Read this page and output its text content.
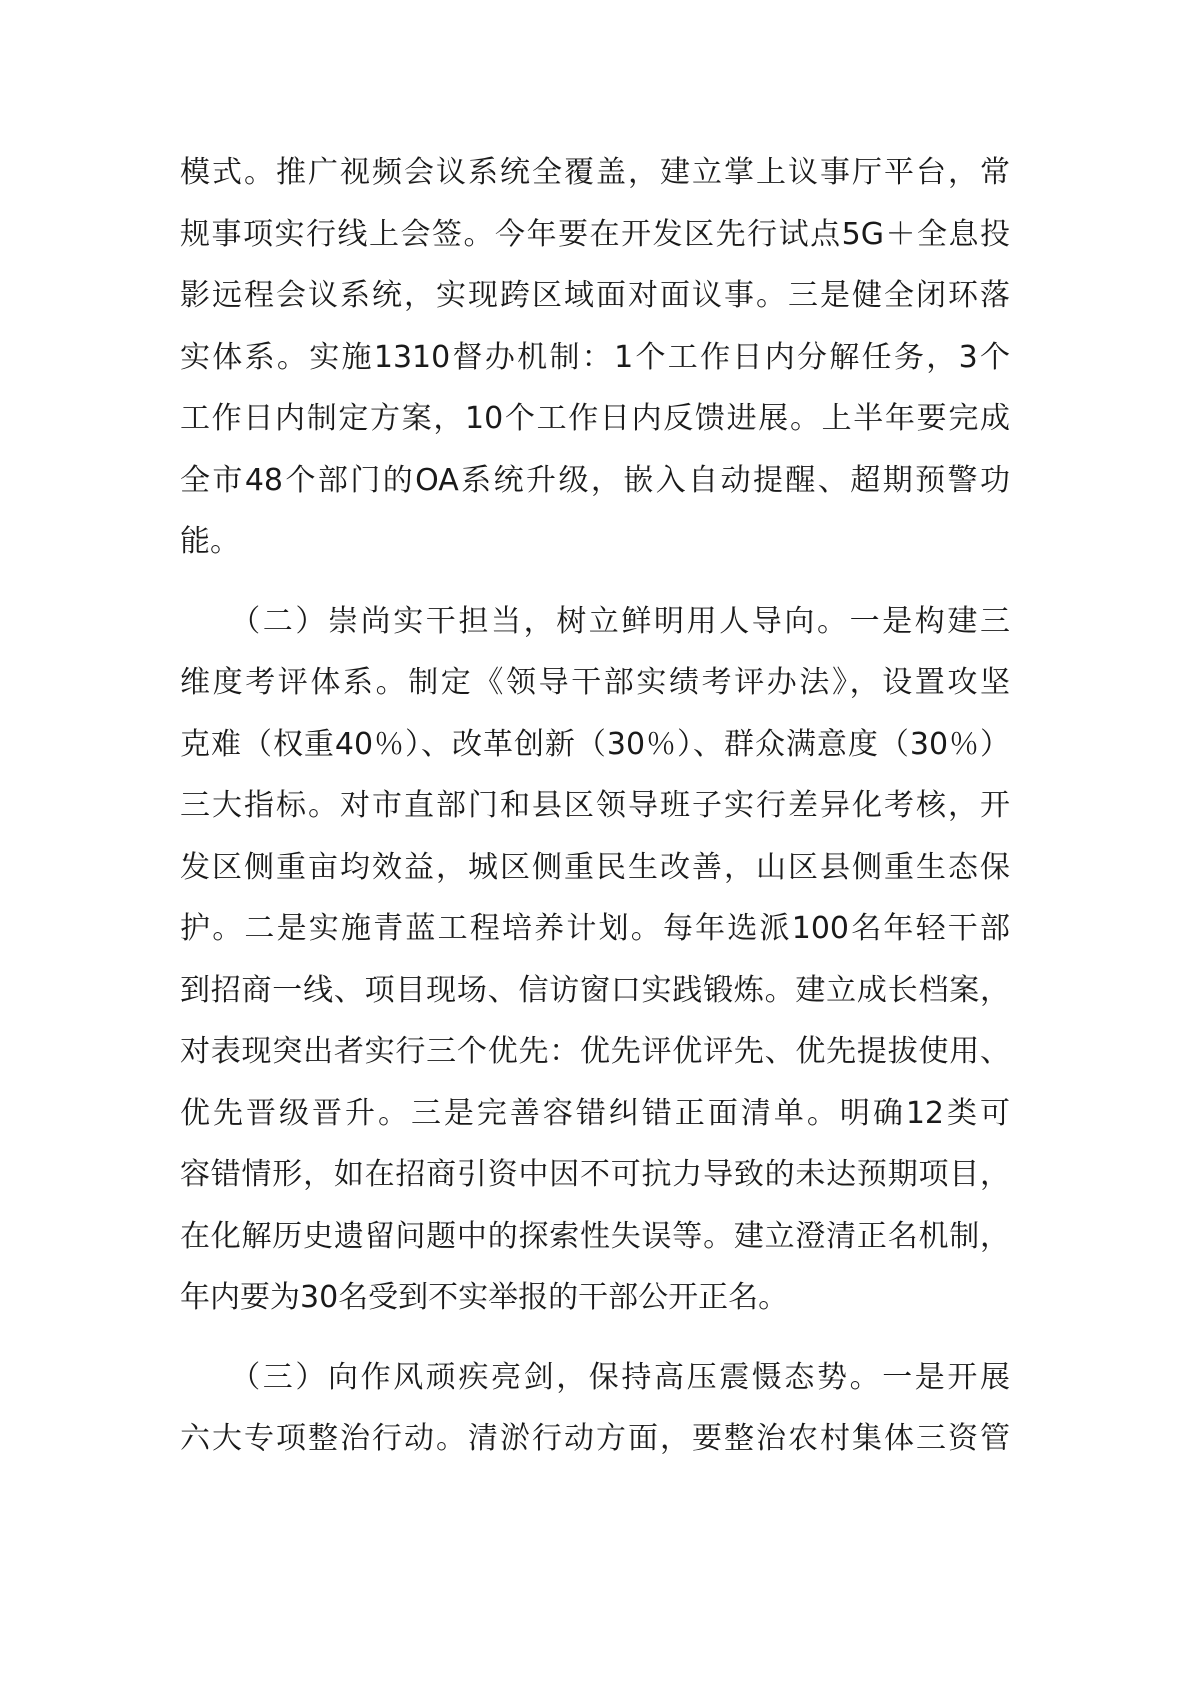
模式。推广视频会议系统全覆盖，建立掌上议事厅平台，常
规事项实行线上会签。今年要在开发区先行试点5G＋全息投
影远程会议系统，实现跨区域面对面议事。三是健全闭环落
实体系。实施1310督办机制：1个工作日内分解任务，3个
工作日内制定方案，10个工作日内反馈进展。上半年要完成
全市48个部门的OA系统升级，嵌入自动提醒、超期预警功
能。
　　（二）崇尚实干担当，树立鲜明用人导向。一是构建三
维度考评体系。制定《领导干部实绩考评办法》，设置攻坚
克难（权重40％）、改革创新（30％）、群众满意度（30％）
三大指标。对市直部门和县区领导班子实行差异化考核，开
发区侧重亩均效益，城区侧重民生改善，山区县侧重生态保
护。二是实施青蓝工程培养计划。每年选派100名年轻干部
到招商一线、项目现场、信访窗口实践锻炼。建立成长档案，
对表现突出者实行三个优先：优先评优评先、优先提拔使用、
优先晋级晋升。三是完善容错纠错正面清单。明确12类可
容错情形，如在招商引资中因不可抗力导致的未达预期项目，
在化解历史遗留问题中的探索性失误等。建立澄清正名机制，
年内要为30名受到不实举报的干部公开正名。
　　（三）向作风顽疾亮剑，保持高压震慑态势。一是开展
六大专项整治行动。清淤行动方面，要整治农村集体三资管
